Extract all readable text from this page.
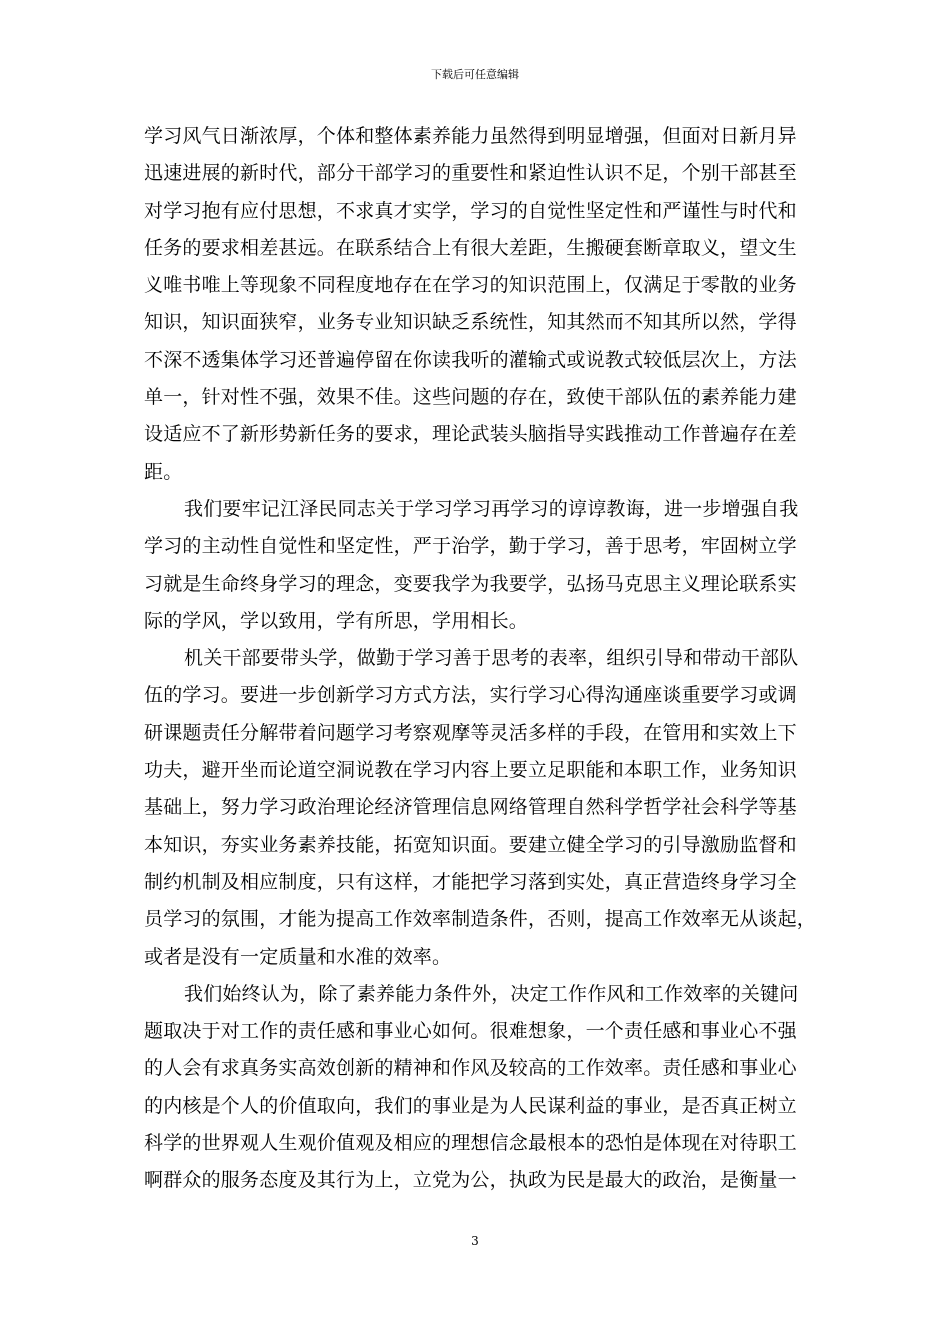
下载后可任意编辑
学习风气日渐浓厚，个体和整体素养能力虽然得到明显增强，但面对日新月异
迅速进展的新时代，部分干部学习的重要性和紧迫性认识不足，个别干部甚至
对学习抱有应付思想，不求真才实学，学习的自觉性坚定性和严谨性与时代和
任务的要求相差甚远。在联系结合上有很大差距，生搬硬套断章取义，望文生
义唯书唯上等现象不同程度地存在在学习的知识范围上，仅满足于零散的业务
知识，知识面狭窄，业务专业知识缺乏系统性，知其然而不知其所以然，学得
不深不透集体学习还普遍停留在你读我听的灌输式或说教式较低层次上，方法
单一，针对性不强，效果不佳。这些问题的存在，致使干部队伍的素养能力建
设适应不了新形势新任务的要求，理论武装头脑指导实践推动工作普遍存在差
距。
我们要牢记江泽民同志关于学习学习再学习的谆谆教诲，进一步增强自我
学习的主动性自觉性和坚定性，严于治学，勤于学习，善于思考，牢固树立学
习就是生命终身学习的理念，变要我学为我要学，弘扬马克思主义理论联系实
际的学风，学以致用，学有所思，学用相长。
机关干部要带头学，做勤于学习善于思考的表率，组织引导和带动干部队
伍的学习。要进一步创新学习方式方法，实行学习心得沟通座谈重要学习或调
研课题责任分解带着问题学习考察观摩等灵活多样的手段，在管用和实效上下
功夫，避开坐而论道空洞说教在学习内容上要立足职能和本职工作，业务知识
基础上，努力学习政治理论经济管理信息网络管理自然科学哲学社会科学等基
本知识，夯实业务素养技能，拓宽知识面。要建立健全学习的引导激励监督和
制约机制及相应制度，只有这样，才能把学习落到实处，真正营造终身学习全
员学习的氛围，才能为提高工作效率制造条件，否则，提高工作效率无从谈起，
或者是没有一定质量和水准的效率。
我们始终认为，除了素养能力条件外，决定工作作风和工作效率的关键问
题取决于对工作的责任感和事业心如何。很难想象，一个责任感和事业心不强
的人会有求真务实高效创新的精神和作风及较高的工作效率。责任感和事业心
的内核是个人的价值取向，我们的事业是为人民谋利益的事业，是否真正树立
科学的世界观人生观价值观及相应的理想信念最根本的恐怕是体现在对待职工
啊群众的服务态度及其行为上，立党为公，执政为民是最大的政治，是衡量一
3
